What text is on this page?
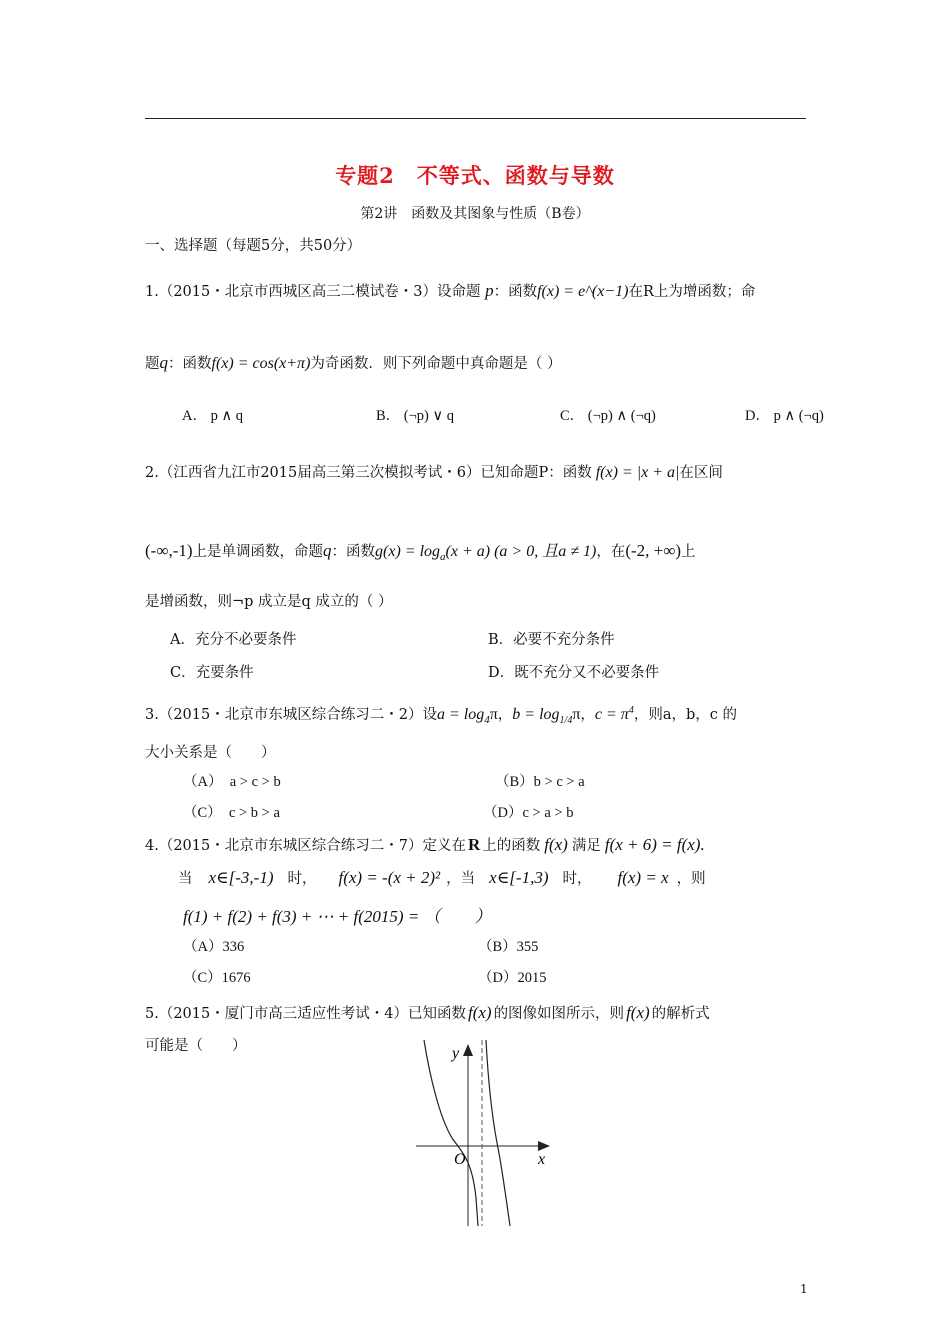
专题2　不等式、函数与导数
第2讲　函数及其图象与性质（B卷）
一、选择题（每题5分，共50分）
1.（2015・北京市西城区高三二模试卷・3）设命题 p：函数f(x) = e^(x−1)在R上为增函数；命
题q：函数f(x) = cos(x+π)为奇函数．则下列命题中真命题是（ ）
A． p ∧ q	B． (¬p) ∨ q	C． (¬p) ∧ (¬q)	D． p ∧ (¬q)
2.（江西省九江市2015届高三第三次模拟考试・6）已知命题P：函数 f(x) = |x + a|在区间
(-∞,-1)上是单调函数，命题q：函数$g(x) = \log_a(x + a) (a > 0$, 且a ≠ 1)，在(-2, +∞)上
是增函数，则¬p 成立是q 成立的（ ）
A．充分不必要条件	B．必要不充分条件
C．充要条件	D．既不充分又不必要条件
3.（2015・北京市东城区综合练习二・2）设$a = \log_4\pi$，$b = \log_{1/4}\pi$，$c = \pi^4$，则a，b，c 的
大小关系是（　　）
（A）　a > c > b	（B）b > c > a
（C）　c > b > a	（D）c > a > b
4.（2015・北京市东城区综合练习二・7）定义在 R 上的函数 f(x) 满足 f(x + 6) = f(x).
当 x∈[-3,-1) 时， f(x) = -(x + 2)² ，当 x∈[-1,3) 时， f(x) = x ，则
f(1) + f(2) + f(3) + ⋯ + f(2015) = （　　）
（A）336	（B）355
（C）1676	（D）2015
5.（2015・厦门市高三适应性考试・4）已知函数 f(x) 的图像如图所示，则 f(x) 的解析式
可能是（　　）	y
x
O
1
